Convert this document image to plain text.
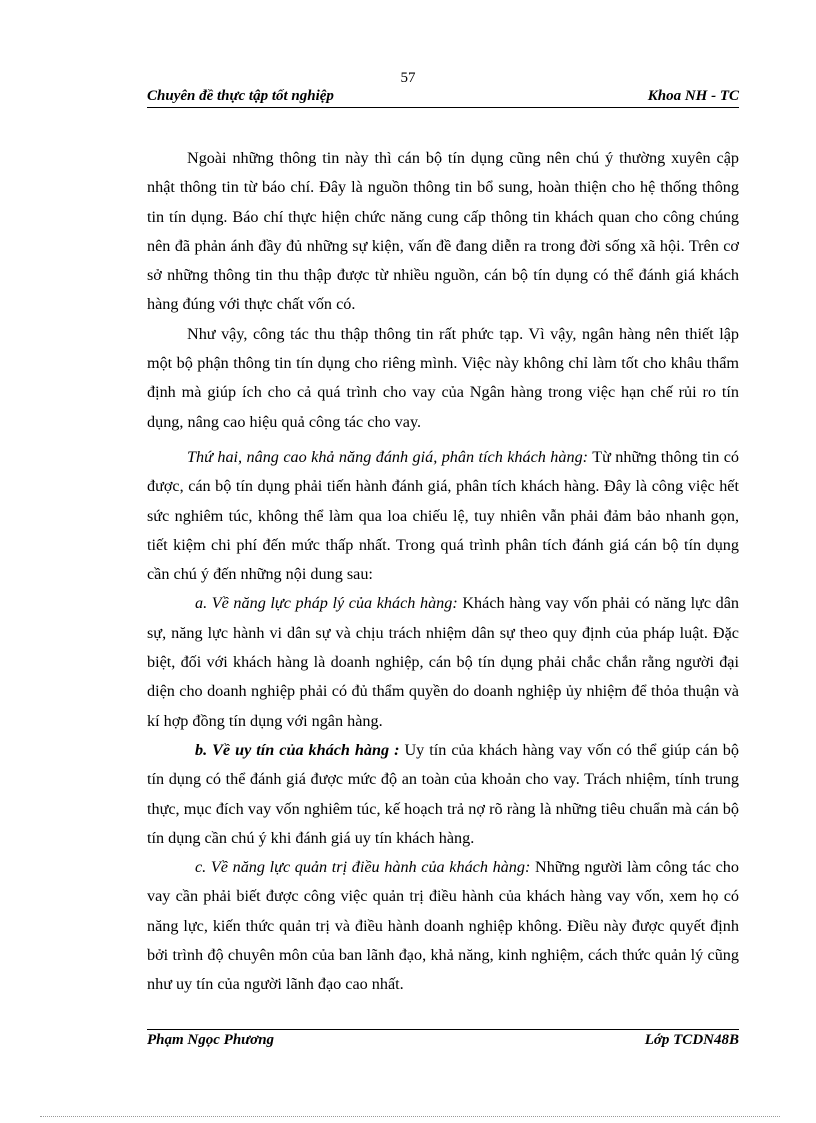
57
Chuyên đề thực tập tốt nghiệp	Khoa NH - TC

Ngoài những thông tin này thì cán bộ tín dụng cũng nên chú ý thường xuyên cập nhật thông tin từ báo chí. Đây là nguồn thông tin bổ sung, hoàn thiện cho hệ thống thông tin tín dụng. Báo chí thực hiện chức năng cung cấp thông tin khách quan cho công chúng nên đã phản ánh đầy đủ những sự kiện, vấn đề đang diễn ra trong đời sống xã hội. Trên cơ sở những thông tin thu thập được từ nhiều nguồn, cán bộ tín dụng có thể đánh giá khách hàng đúng với thực chất vốn có.

Như vậy, công tác thu thập thông tin rất phức tạp. Vì vậy, ngân hàng nên thiết lập một bộ phận thông tin tín dụng cho riêng mình. Việc này không chỉ làm tốt cho khâu thẩm định mà giúp ích cho cả quá trình cho vay của Ngân hàng trong việc hạn chế rủi ro tín dụng, nâng cao hiệu quả công tác cho vay.

Thứ hai, nâng cao khả năng đánh giá, phân tích khách hàng: Từ những thông tin có được, cán bộ tín dụng phải tiến hành đánh giá, phân tích khách hàng. Đây là công việc hết sức nghiêm túc, không thể làm qua loa chiếu lệ, tuy nhiên vẫn phải đảm bảo nhanh gọn, tiết kiệm chi phí đến mức thấp nhất. Trong quá trình phân tích đánh giá cán bộ tín dụng cần chú ý đến những nội dung sau:

a. Về năng lực pháp lý của khách hàng: Khách hàng vay vốn phải có năng lực dân sự, năng lực hành vi dân sự và chịu trách nhiệm dân sự theo quy định của pháp luật. Đặc biệt, đối với khách hàng là doanh nghiệp, cán bộ tín dụng phải chắc chắn rằng người đại diện cho doanh nghiệp phải có đủ thẩm quyền do doanh nghiệp ủy nhiệm để thỏa thuận và kí hợp đồng tín dụng với ngân hàng.

b. Về uy tín của khách hàng : Uy tín của khách hàng vay vốn có thể giúp cán bộ tín dụng có thể đánh giá được mức độ an toàn của khoản cho vay. Trách nhiệm, tính trung thực, mục đích vay vốn nghiêm túc, kế hoạch trả nợ rõ ràng là những tiêu chuẩn mà cán bộ tín dụng cần chú ý khi đánh giá uy tín khách hàng.

c. Về năng lực quản trị điều hành của khách hàng: Những người làm công tác cho vay cần phải biết được công việc quản trị điều hành của khách hàng vay vốn, xem họ có năng lực, kiến thức quản trị và điều hành doanh nghiệp không. Điều này được quyết định bởi trình độ chuyên môn của ban lãnh đạo, khả năng, kinh nghiệm, cách thức quản lý cũng như uy tín của người lãnh đạo cao nhất.

Phạm Ngọc Phương	Lớp TCDN48B
